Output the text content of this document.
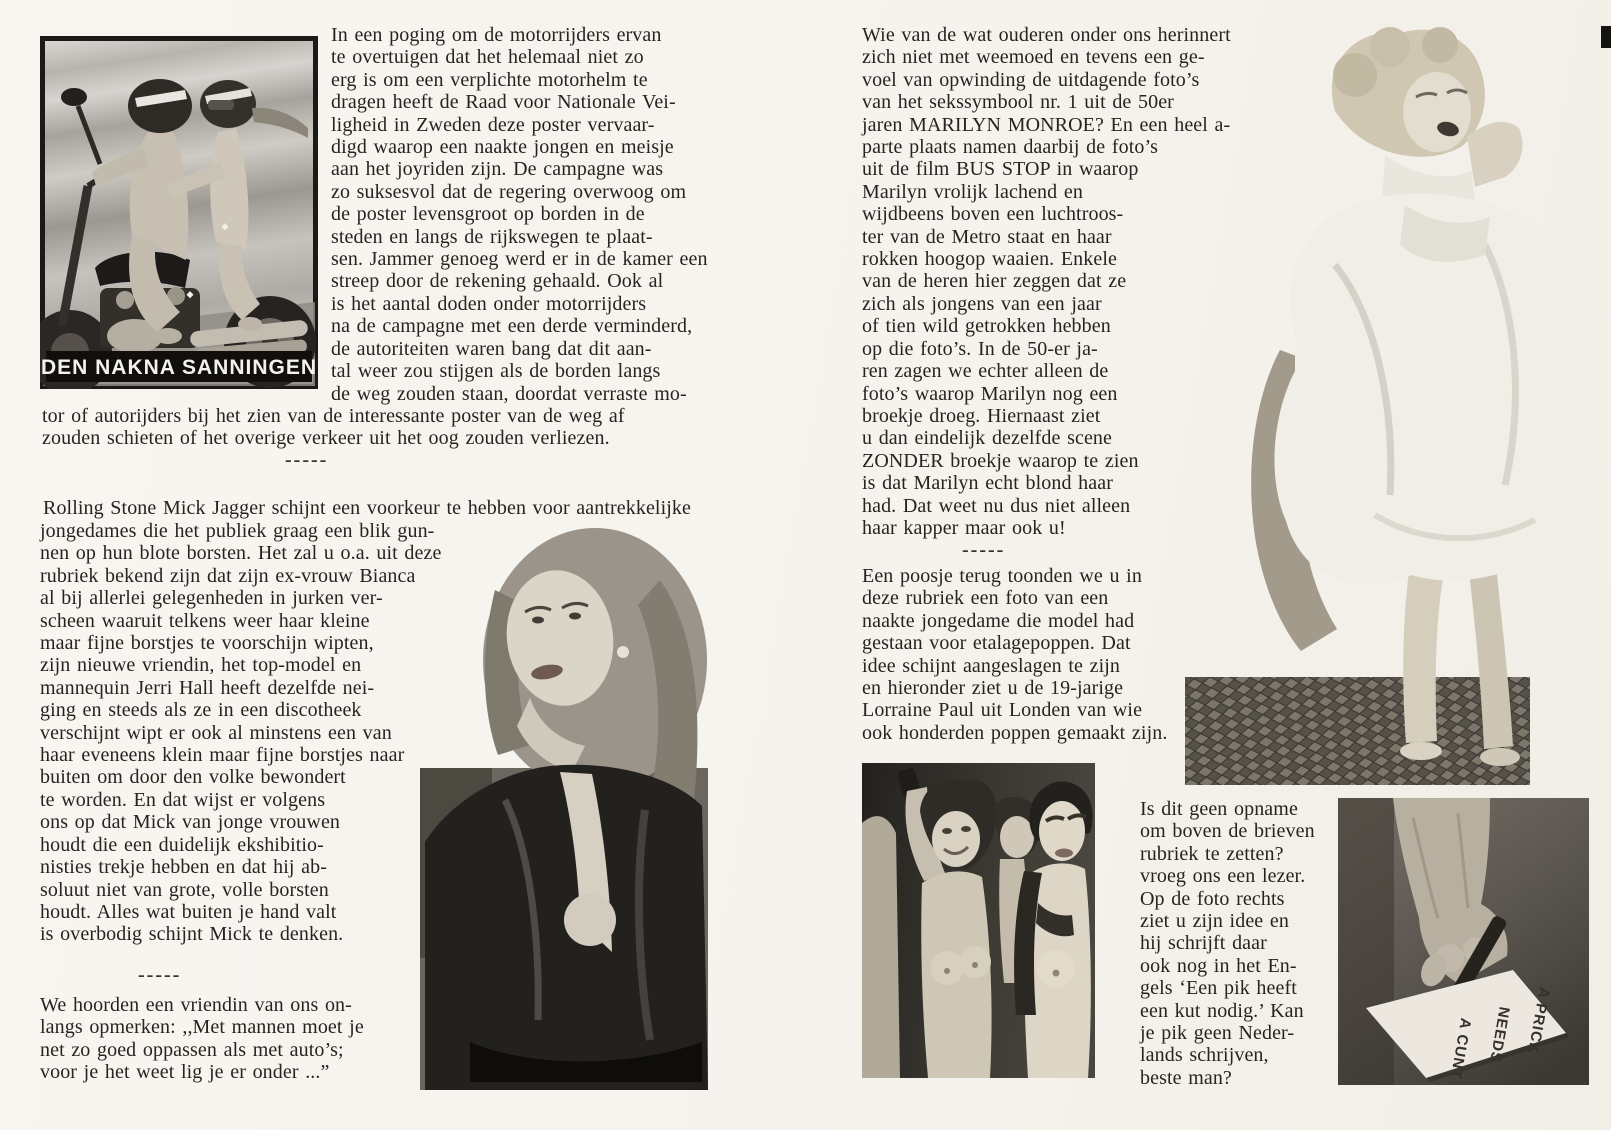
DEN NAKNA SANNINGEN
In een poging om de motorrijders ervan
te overtuigen dat het helemaal niet zo
erg is om een verplichte motorhelm te
dragen heeft de Raad voor Nationale Vei-
ligheid in Zweden deze poster vervaar-
digd waarop een naakte jongen en meisje
aan het joyriden zijn. De campagne was
zo suksesvol dat de regering overwoog om
de poster levensgroot op borden in de
steden en langs de rijkswegen te plaat-
sen. Jammer genoeg werd er in de kamer een
streep door de rekening gehaald. Ook al
is het aantal doden onder motorrijders
na de campagne met een derde verminderd,
de autoriteiten waren bang dat dit aan-
tal weer zou stijgen als de borden langs
de weg zouden staan, doordat verraste mo-
tor of autorijders bij het zien van de interessante poster van de weg af
zouden schieten of het overige verkeer uit het oog zouden verliezen.
-----
Rolling Stone Mick Jagger schijnt een voorkeur te hebben voor aantrekkelijke
jongedames die het publiek graag een blik gun-
nen op hun blote borsten. Het zal u o.a. uit deze
rubriek bekend zijn dat zijn ex-vrouw Bianca
al bij allerlei gelegenheden in jurken ver-
scheen waaruit telkens weer haar kleine
maar fijne borstjes te voorschijn wipten,
zijn nieuwe vriendin, het top-model en
mannequin Jerri Hall heeft dezelfde nei-
ging en steeds als ze in een discotheek
verschijnt wipt er ook al minstens een van
haar eveneens klein maar fijne borstjes naar
buiten om door den volke bewondert
te worden. En dat wijst er volgens
ons op dat Mick van jonge vrouwen
houdt die een duidelijk ekshibitio-
nisties trekje hebben en dat hij ab-
soluut niet van grote, volle borsten
houdt. Alles wat buiten je hand valt
is overbodig schijnt Mick te denken.
-----
We hoorden een vriendin van ons on-
langs opmerken: ,,Met mannen moet je
net zo goed oppassen als met auto’s;
voor je het weet lig je er onder ...”
Wie van de wat ouderen onder ons herinnert
zich niet met weemoed en tevens een ge-
voel van opwinding de uitdagende foto’s
van het sekssymbool nr. 1 uit de 50er
jaren MARILYN MONROE? En een heel a-
parte plaats namen daarbij de foto’s
uit de film BUS STOP in waarop
Marilyn vrolijk lachend en
wijdbeens boven een luchtroos-
ter van de Metro staat en haar
rokken hoogop waaien. Enkele
van de heren hier zeggen dat ze
zich als jongens van een jaar
of tien wild getrokken hebben
op die foto’s. In de 50-er ja-
ren zagen we echter alleen de
foto’s waarop Marilyn nog een
broekje droeg. Hiernaast ziet
u dan eindelijk dezelfde scene
ZONDER broekje waarop te zien
is dat Marilyn echt blond haar
had. Dat weet nu dus niet alleen
haar kapper maar ook u!
-----
Een poosje terug toonden we u in
deze rubriek een foto van een
naakte jongedame die model had
gestaan voor etalagepoppen. Dat
idee schijnt aangeslagen te zijn
en hieronder ziet u de 19-jarige
Lorraine Paul uit Londen van wie
ook honderden poppen gemaakt zijn.
Is dit geen opname
om boven de brieven
rubriek te zetten?
vroeg ons een lezer.
Op de foto rechts
ziet u zijn idee en
hij schrijft daar
ook nog in het En-
gels ‘Een pik heeft
een kut nodig.’ Kan
je pik geen Neder-
lands schrijven,
beste man?
A PRICK
NEEDS
A CUNT
